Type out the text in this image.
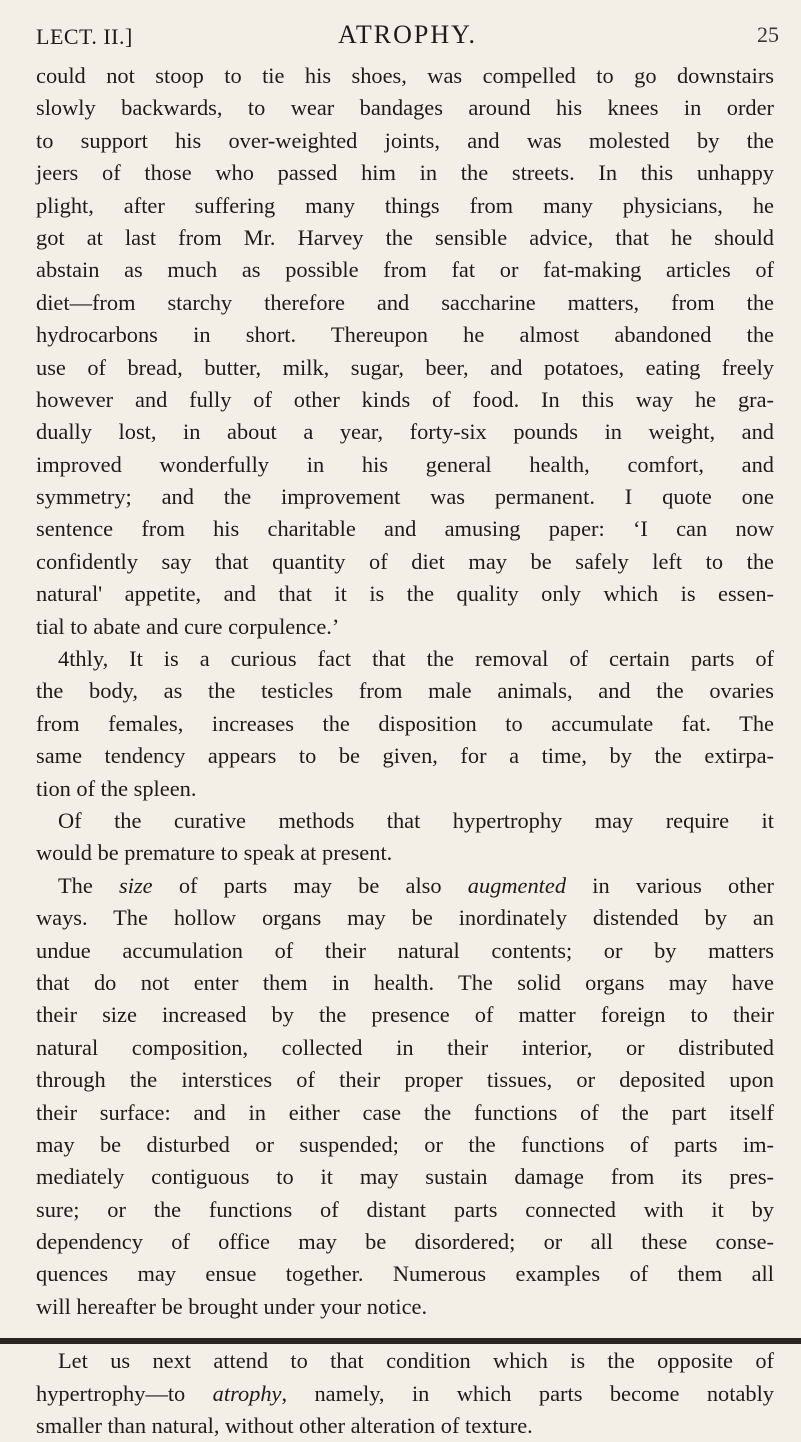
LECT. II.]	ATROPHY.	25
could not stoop to tie his shoes, was compelled to go downstairs
slowly backwards, to wear bandages around his knees in order
to support his over-weighted joints, and was molested by the
jeers of those who passed him in the streets. In this unhappy
plight, after suffering many things from many physicians, he
got at last from Mr. Harvey the sensible advice, that he should
abstain as much as possible from fat or fat-making articles of
diet—from starchy therefore and saccharine matters, from the
hydrocarbons in short. Thereupon he almost abandoned the
use of bread, butter, milk, sugar, beer, and potatoes, eating freely
however and fully of other kinds of food. In this way he gra-
dually lost, in about a year, forty-six pounds in weight, and
improved wonderfully in his general health, comfort, and
symmetry; and the improvement was permanent. I quote one
sentence from his charitable and amusing paper: ‘I can now
confidently say that quantity of diet may be safely left to the
natural' appetite, and that it is the quality only which is essen-
tial to abate and cure corpulence.’
4thly, It is a curious fact that the removal of certain parts of
the body, as the testicles from male animals, and the ovaries
from females, increases the disposition to accumulate fat. The
same tendency appears to be given, for a time, by the extirpa-
tion of the spleen.
Of the curative methods that hypertrophy may require it
would be premature to speak at present.
The size of parts may be also augmented in various other
ways. The hollow organs may be inordinately distended by an
undue accumulation of their natural contents; or by matters
that do not enter them in health. The solid organs may have
their size increased by the presence of matter foreign to their
natural composition, collected in their interior, or distributed
through the interstices of their proper tissues, or deposited upon
their surface: and in either case the functions of the part itself
may be disturbed or suspended; or the functions of parts im-
mediately contiguous to it may sustain damage from its pres-
sure; or the functions of distant parts connected with it by
dependency of office may be disordered; or all these conse-
quences may ensue together. Numerous examples of them all
will hereafter be brought under your notice.
Let us next attend to that condition which is the opposite of
hypertrophy—to atrophy, namely, in which parts become notably
smaller than natural, without other alteration of texture.
